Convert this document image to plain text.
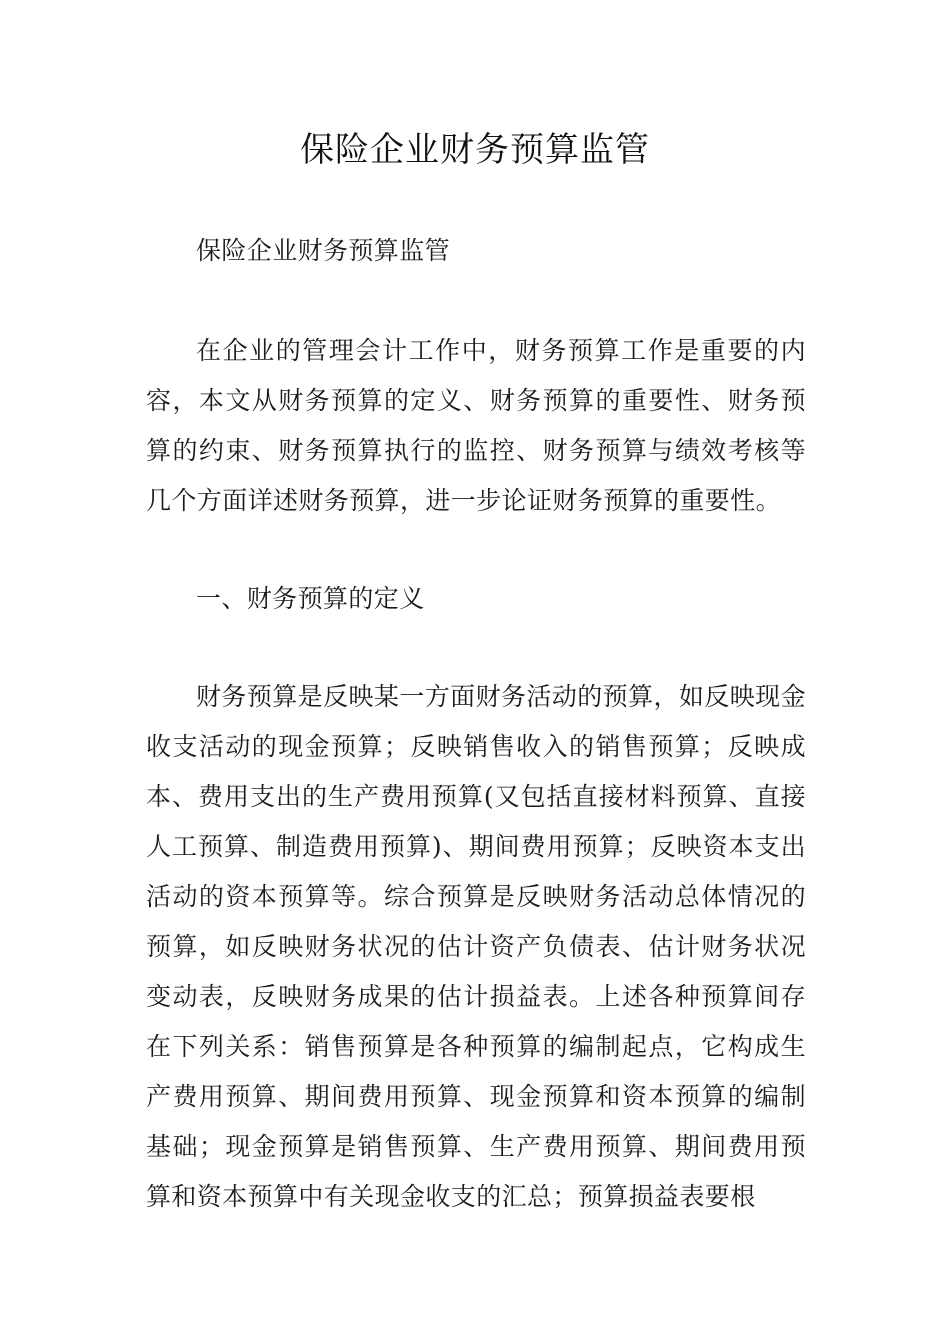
保险企业财务预算监管

保险企业财务预算监管

在企业的管理会计工作中，财务预算工作是重要的内容，本文从财务预算的定义、财务预算的重要性、财务预算的约束、财务预算执行的监控、财务预算与绩效考核等几个方面详述财务预算，进一步论证财务预算的重要性。

一、财务预算的定义

财务预算是反映某一方面财务活动的预算，如反映现金收支活动的现金预算；反映销售收入的销售预算；反映成本、费用支出的生产费用预算(又包括直接材料预算、直接人工预算、制造费用预算)、期间费用预算；反映资本支出活动的资本预算等。综合预算是反映财务活动总体情况的预算，如反映财务状况的估计资产负债表、估计财务状况变动表，反映财务成果的估计损益表。上述各种预算间存在下列关系：销售预算是各种预算的编制起点，它构成生产费用预算、期间费用预算、现金预算和资本预算的编制基础；现金预算是销售预算、生产费用预算、期间费用预算和资本预算中有关现金收支的汇总；预算损益表要根
